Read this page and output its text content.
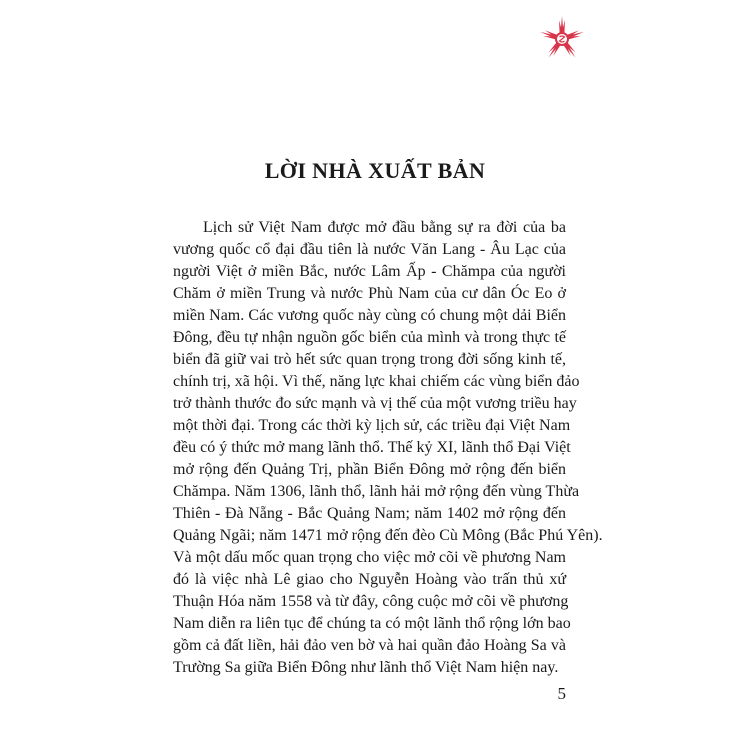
LỜI NHÀ XUẤT BẢN
Lịch sử Việt Nam được mở đầu bằng sự ra đời của ba
vương quốc cổ đại đầu tiên là nước Văn Lang - Âu Lạc của
người Việt ở miền Bắc, nước Lâm Ấp - Chămpa của người
Chăm ở miền Trung và nước Phù Nam của cư dân Óc Eo ở
miền Nam. Các vương quốc này cùng có chung một dải Biển
Đông, đều tự nhận nguồn gốc biển của mình và trong thực tế
biển đã giữ vai trò hết sức quan trọng trong đời sống kinh tế,
chính trị, xã hội. Vì thế, năng lực khai chiếm các vùng biển đảo
trở thành thước đo sức mạnh và vị thế của một vương triều hay
một thời đại. Trong các thời kỳ lịch sử, các triều đại Việt Nam
đều có ý thức mở mang lãnh thổ. Thế kỷ XI, lãnh thổ Đại Việt
mở rộng đến Quảng Trị, phần Biển Đông mở rộng đến biển
Chămpa. Năm 1306, lãnh thổ, lãnh hải mở rộng đến vùng Thừa
Thiên - Đà Nẵng - Bắc Quảng Nam; năm 1402 mở rộng đến
Quảng Ngãi; năm 1471 mở rộng đến đèo Cù Mông (Bắc Phú Yên).
Và một dấu mốc quan trọng cho việc mở cõi về phương Nam
đó là việc nhà Lê giao cho Nguyễn Hoàng vào trấn thủ xứ
Thuận Hóa năm 1558 và từ đây, công cuộc mở cõi về phương
Nam diễn ra liên tục để chúng ta có một lãnh thổ rộng lớn bao
gồm cả đất liền, hải đảo ven bờ và hai quần đảo Hoàng Sa và
Trường Sa giữa Biển Đông như lãnh thổ Việt Nam hiện nay.
5
